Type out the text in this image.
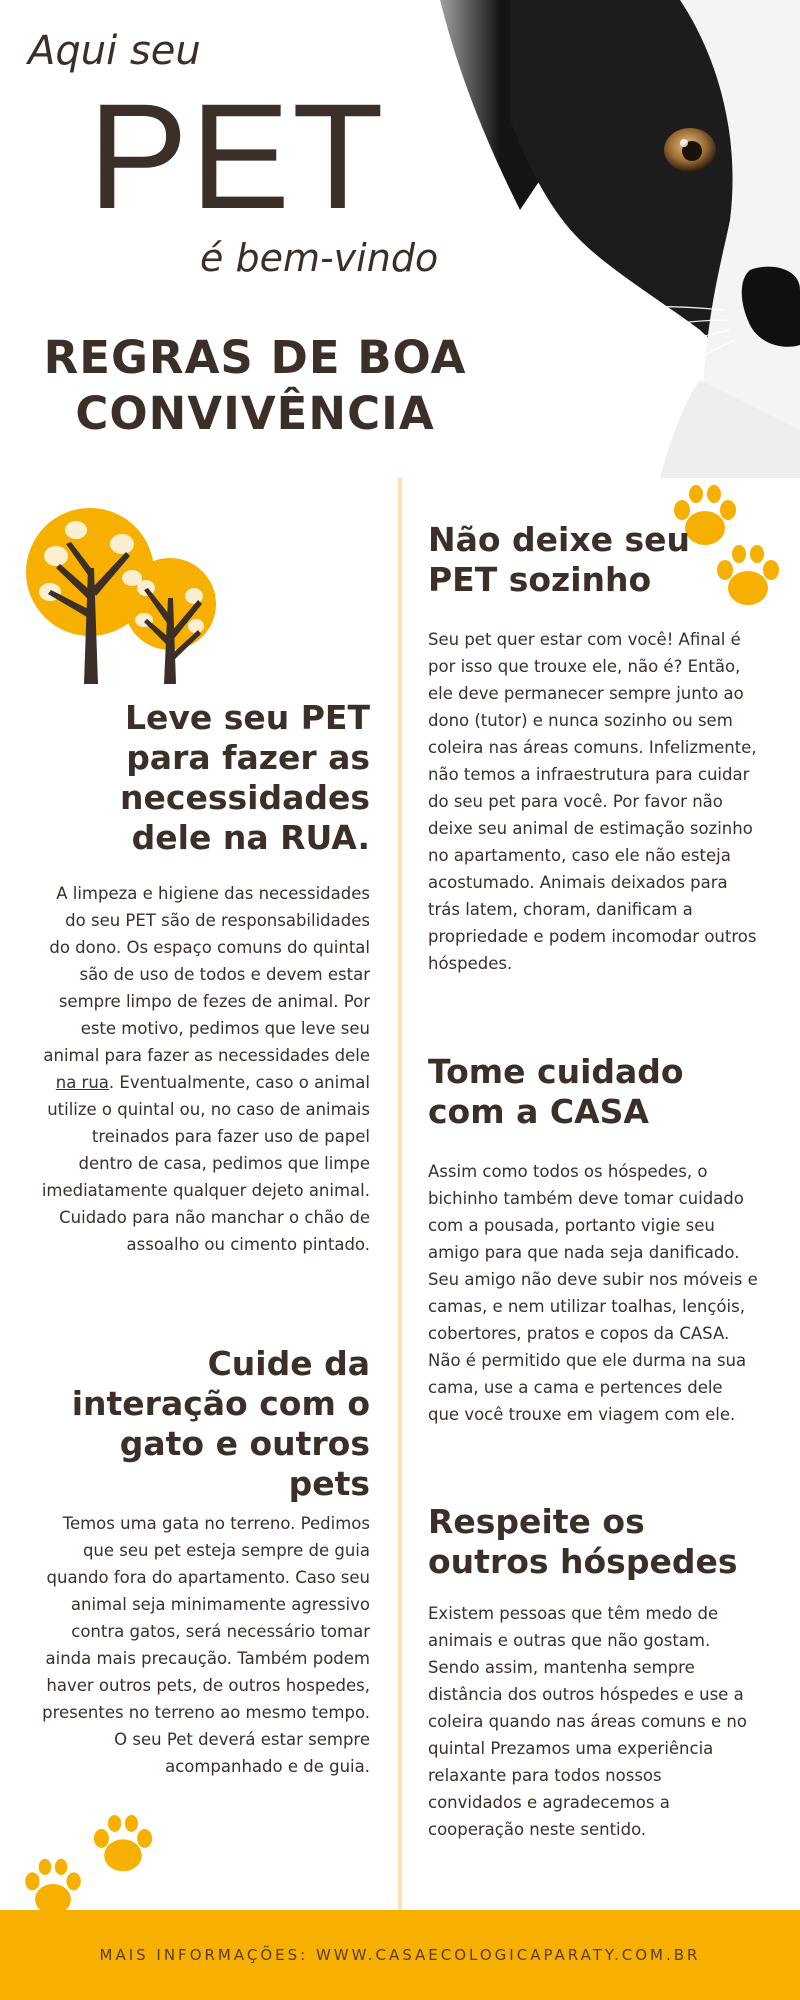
Aqui seu
PET
é bem-vindo
REGRAS DE BOA
CONVIVÊNCIA
Leve seu PET para fazer as necessidades dele na RUA.

A limpeza e higiene das necessidades do seu PET são de responsabilidades do dono. Os espaço comuns do quintal são de uso de todos e devem estar sempre limpo de fezes de animal. Por este motivo, pedimos que leve seu animal para fazer as necessidades dele na rua. Eventualmente, caso o animal utilize o quintal ou, no caso de animais treinados para fazer uso de papel dentro de casa, pedimos que limpe imediatamente qualquer dejeto animal. Cuidado para não manchar o chão de assoalho ou cimento pintado.

Cuide da interação com o gato e outros pets

Temos uma gata no terreno. Pedimos que seu pet esteja sempre de guia quando fora do apartamento. Caso seu animal seja minimamente agressivo contra gatos, será necessário tomar ainda mais precaução. Também podem haver outros pets, de outros hospedes, presentes no terreno ao mesmo tempo. O seu Pet deverá estar sempre acompanhado e de guia.

Não deixe seu PET sozinho

Seu pet quer estar com você! Afinal é por isso que trouxe ele, não é? Então, ele deve permanecer sempre junto ao dono (tutor) e nunca sozinho ou sem coleira nas áreas comuns. Infelizmente, não temos a infraestrutura para cuidar do seu pet para você. Por favor não deixe seu animal de estimação sozinho no apartamento, caso ele não esteja acostumado. Animais deixados para trás latem, choram, danificam a propriedade e podem incomodar outros hóspedes.

Tome cuidado com a CASA

Assim como todos os hóspedes, o bichinho também deve tomar cuidado com a pousada, portanto vigie seu amigo para que nada seja danificado. Seu amigo não deve subir nos móveis e camas, e nem utilizar toalhas, lençóis, cobertores, pratos e copos da CASA. Não é permitido que ele durma na sua cama, use a cama e pertences dele que você trouxe em viagem com ele.

Respeite os outros hóspedes

Existem pessoas que têm medo de animais e outras que não gostam. Sendo assim, mantenha sempre distância dos outros hóspedes e use a coleira quando nas áreas comuns e no quintal Prezamos uma experiência relaxante para todos nossos convidados e agradecemos a cooperação neste sentido.

MAIS INFORMAÇÕES: WWW.CASAECOLOGICAPARATY.COM.BR
